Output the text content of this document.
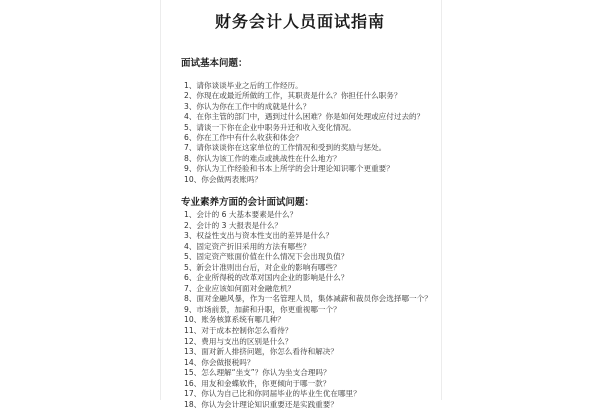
财务会计人员面试指南
面试基本问题：
1、请你谈谈毕业之后的工作经历。
2、你现在或最近所做的工作，其职责是什么？你担任什么职务？
3、你认为你在工作中的成就是什么？
4、在你主管的部门中，遇到过什么困难？你是如何处理或应付过去的？
5、请谈一下你在企业中职务升迁和收入变化情况。
6、你在工作中有什么收获和体会？
7、请你谈谈你在这家单位的工作情况和受到的奖励与惩处。
8、你认为该工作的难点或挑战性在什么地方？
9、你认为工作经验和书本上所学的会计理论知识哪个更重要？
10、你会做两表账吗？
专业素养方面的会计面试问题：
1、会计的 6 大基本要素是什么？
2、会计的 3 大报表是什么？
3、权益性支出与资本性支出的差异是什么？
4、固定资产折旧采用的方法有哪些？
5、固定资产账面价值在什么情况下会出现负值？
5、新会计准则出台后，对企业的影响有哪些？
6、企业所得税的改革对国内企业的影响是什么？
7、企业应该如何面对金融危机？
8、面对金融风暴，作为一名管理人员，集体减薪和裁员你会选择哪一个？
9、市场前景，加薪和升职，你更重视哪一个？
10、账务核算系统有哪几种？
11、对于成本控制你怎么看待？
12、费用与支出的区别是什么？
13、面对新人排挤问题，你怎么看待和解决？
14、你会做报税吗？
15、怎么理解“坐支”？你认为坐支合理吗？
16、用友和金蝶软件，你更倾向于哪一款？
17、你认为自己比和你同届毕业的毕业生优在哪里？
18、你认为会计理论知识重要还是实践重要？
